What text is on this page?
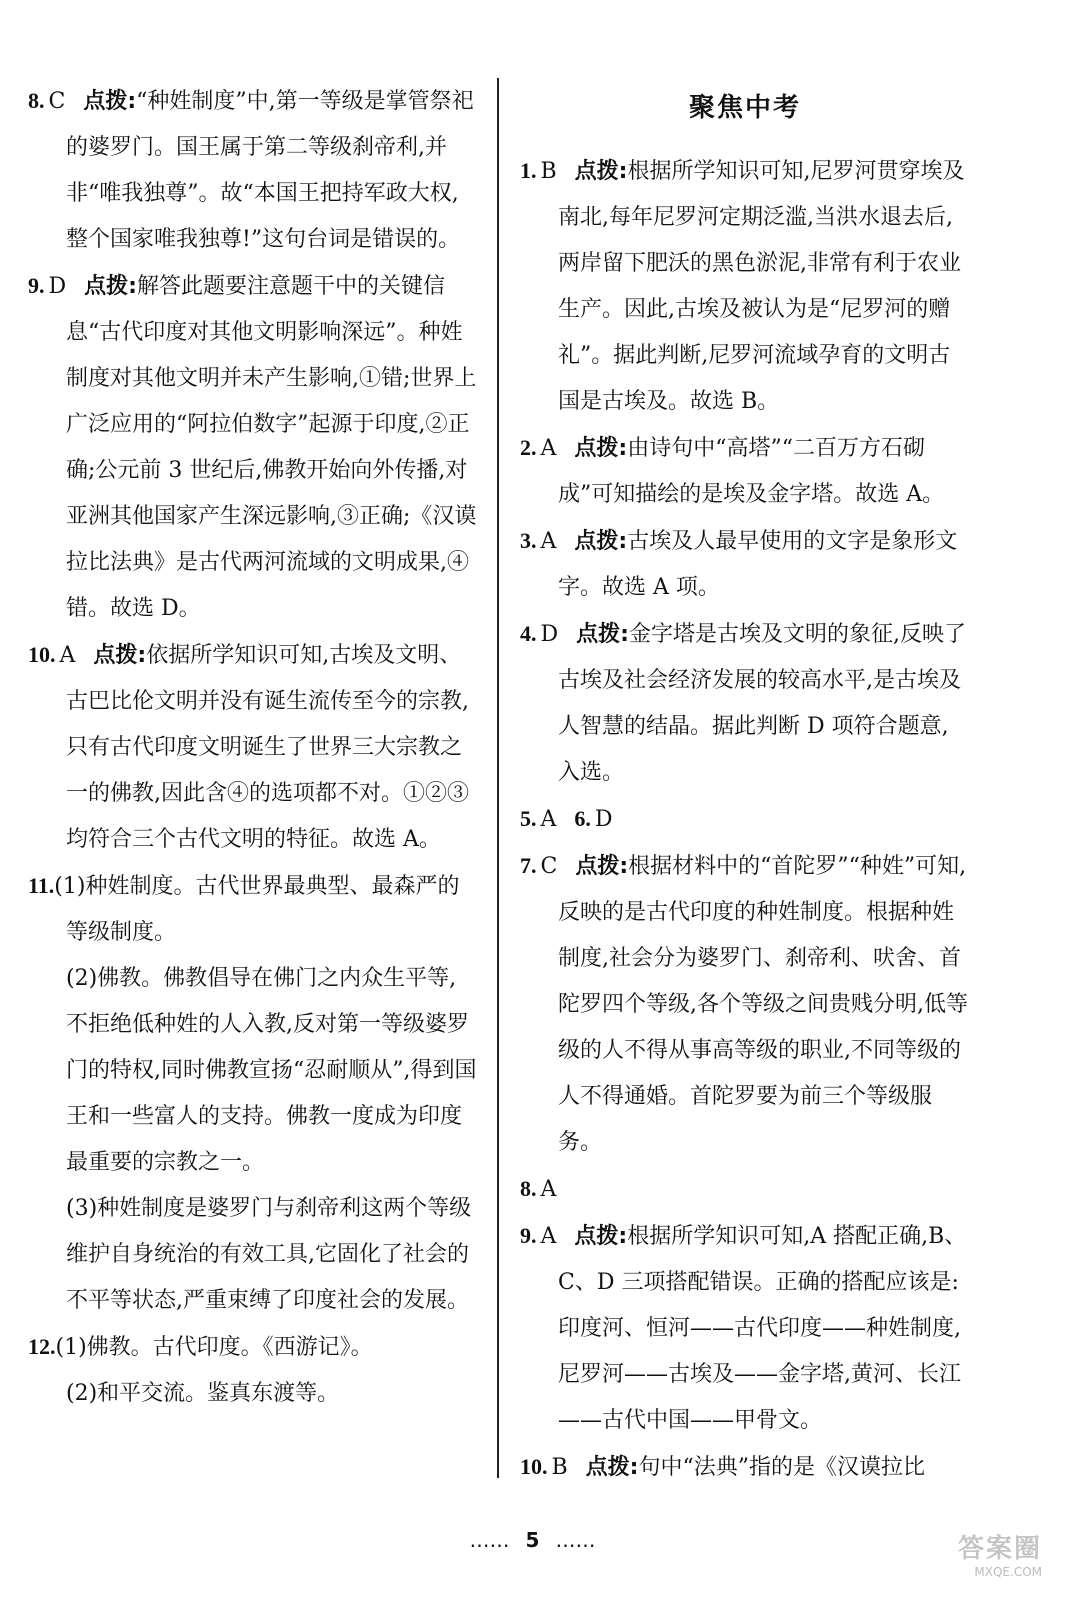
8. C 点拨:“种姓制度”中,第一等级是掌管祭祀的婆罗门。国王属于第二等级刹帝利,并非“唯我独尊”。故“本国王把持军政大权,整个国家唯我独尊!”这句台词是错误的。

9. D 点拨:解答此题要注意题干中的关键信息“古代印度对其他文明影响深远”。种姓制度对其他文明并未产生影响,①错;世界上广泛应用的“阿拉伯数字”起源于印度,②正确;公元前 3 世纪后,佛教开始向外传播,对亚洲其他国家产生深远影响,③正确;《汉谟拉比法典》是古代两河流域的文明成果,④错。故选 D。

10. A 点拨:依据所学知识可知,古埃及文明、古巴比伦文明并没有诞生流传至今的宗教,只有古代印度文明诞生了世界三大宗教之一的佛教,因此含④的选项都不对。①②③均符合三个古代文明的特征。故选 A。

11.(1)种姓制度。古代世界最典型、最森严的等级制度。

(2)佛教。佛教倡导在佛门之内众生平等,不拒绝低种姓的人入教,反对第一等级婆罗门的特权,同时佛教宣扬“忍耐顺从”,得到国王和一些富人的支持。佛教一度成为印度最重要的宗教之一。

(3)种姓制度是婆罗门与刹帝利这两个等级维护自身统治的有效工具,它固化了社会的不平等状态,严重束缚了印度社会的发展。

12.(1)佛教。古代印度。《西游记》。

(2)和平交流。鉴真东渡等。

聚焦中考

1. B 点拨:根据所学知识可知,尼罗河贯穿埃及南北,每年尼罗河定期泛滥,当洪水退去后,两岸留下肥沃的黑色淤泥,非常有利于农业生产。因此,古埃及被认为是“尼罗河的赠礼”。据此判断,尼罗河流域孕育的文明古国是古埃及。故选 B。

2. A 点拨:由诗句中“高塔”“二百万方石砌成”可知描绘的是埃及金字塔。故选 A。

3. A 点拨:古埃及人最早使用的文字是象形文字。故选 A 项。

4. D 点拨:金字塔是古埃及文明的象征,反映了古埃及社会经济发展的较高水平,是古埃及人智慧的结晶。据此判断 D 项符合题意,入选。

5. A 6. D

7. C 点拨:根据材料中的“首陀罗”“种姓”可知,反映的是古代印度的种姓制度。根据种姓制度,社会分为婆罗门、刹帝利、吠舍、首陀罗四个等级,各个等级之间贵贱分明,低等级的人不得从事高等级的职业,不同等级的人不得通婚。首陀罗要为前三个等级服务。

8. A

9. A 点拨:根据所学知识可知,A 搭配正确,B、C、D 三项搭配错误。正确的搭配应该是:印度河、恒河——古代印度——种姓制度,尼罗河——古埃及——金字塔,黄河、长江——古代中国——甲骨文。

10. B 点拨:句中“法典”指的是《汉谟拉比

…… 5 ……	答案圈
MXQE.COM
